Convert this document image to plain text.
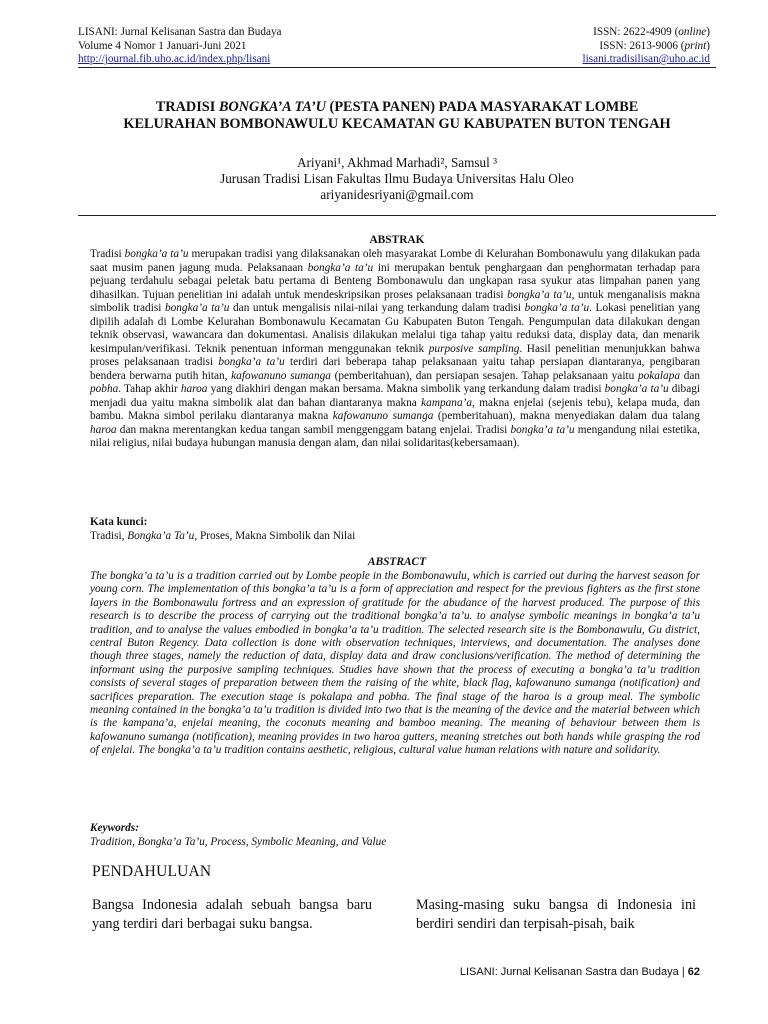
LISANI: Jurnal Kelisanan Sastra dan Budaya
Volume 4 Nomor 1 Januari-Juni 2021
http://journal.fib.uho.ac.id/index.php/lisani
ISSN: 2622-4909 (online)
ISSN: 2613-9006 (print)
lisani.tradisilisan@uho.ac.id
TRADISI BONGKA’A TA’U (PESTA PANEN) PADA MASYARAKAT LOMBE
KELURAHAN BOMBONAWULU KECAMATAN GU KABUPATEN BUTON TENGAH
Ariyani¹, Akhmad Marhadi², Samsul ³
Jurusan Tradisi Lisan Fakultas Ilmu Budaya Universitas Halu Oleo
ariyanidesriyani@gmail.com
ABSTRAK
Tradisi bongka’a ta’u merupakan tradisi yang dilaksanakan oleh masyarakat Lombe di Kelurahan Bombonawulu yang dilakukan pada saat musim panen jagung muda. Pelaksanaan bongka’a ta’u ini merupakan bentuk penghargaan dan penghormatan terhadap para pejuang terdahulu sebagai peletak batu pertama di Benteng Bombonawulu dan ungkapan rasa syukur atas limpahan panen yang dihasilkan. Tujuan penelitian ini adalah untuk mendeskripsikan proses pelaksanaan tradisi bongka’a ta’u, untuk menganalisis makna simbolik tradisi bongka’a ta’u dan untuk mengalisis nilai-nilai yang terkandung dalam tradisi bongka’a ta’u. Lokasi penelitian yang dipilih adalah di Lombe Kelurahan Bombonawulu Kecamatan Gu Kabupaten Buton Tengah. Pengumpulan data dilakukan dengan teknik observasi, wawancara dan dokumentasi. Analisis dilakukan melalui tiga tahap yaitu reduksi data, display data, dan menarik kesimpulan/verifikasi. Teknik penentuan informan menggunakan teknik purposive sampling. Hasil penelitian menunjukkan bahwa proses pelaksanaan tradisi bongka’a ta’u terdiri dari beberapa tahap pelaksanaan yaitu tahap persiapan diantaranya, pengibaran bendera berwarna putih hitan, kafowanuno sumanga (pemberitahuan), dan persiapan sesajen. Tahap pelaksanaan yaitu pokalapa dan pobha. Tahap akhir haroa yang diakhiri dengan makan bersama. Makna simbolik yang terkandung dalam tradisi bongka’a ta’u dibagi menjadi dua yaitu makna simbolik alat dan bahan diantaranya makna kampana’a, makna enjelai (sejenis tebu), kelapa muda, dan bambu. Makna simbol perilaku diantaranya makna kafowanuno sumanga (pemberitahuan), makna menyediakan dalam dua talang haroa dan makna merentangkan kedua tangan sambil menggenggam batang enjelai. Tradisi bongka’a ta’u mengandung nilai estetika, nilai religius, nilai budaya hubungan manusia dengan alam, dan nilai solidaritas(kebersamaan).
Kata kunci:
Tradisi, Bongka’a Ta’u, Proses, Makna Simbolik dan Nilai
ABSTRACT
The bongka’a ta’u is a tradition carried out by Lombe people in the Bombonawulu, which is carried out during the harvest season for young corn. The implementation of this bongka’a ta’u is a form of appreciation and respect for the previous fighters as the first stone layers in the Bombonawulu fortress and an expression of gratitude for the abudance of the harvest produced. The purpose of this research is to describe the process of carrying out the traditional bongka’a ta’u. to analyse symbolic meanings in bongka’a ta’u tradition, and to analyse the values embodied in bongka’a ta’u tradition. The selected research site is the Bombonawulu, Gu district, central Buton Regency. Data collection is done with observation techniques, interviews, and documentation. The analyses done though three stages, namely the reduction of data, display data and draw conclusions/verification. The method of determining the informant using the purposive sampling techniques. Studies have shown that the process of executing a bongka’a ta’u tradition consists of several stages of preparation between them the raising of the white, black flag, kafowanuno sumanga (notification) and sacrifices preparation. The execution stage is pokalapa and pobha. The final stage of the haroa is a group meal. The symbolic meaning contained in the bongka’a ta’u tradition is divided into two that is the meaning of the device and the material between which is the kampana’a, enjelai meaning, the coconuts meaning and bamboo meaning. The meaning of behaviour between them is kafowanuno sumanga (notification), meaning provides in two haroa gutters, meaning stretches out both hands while grasping the rod of enjelai. The bongka’a ta’u tradition contains aesthetic, religious, cultural value human relations with nature and solidarity.
Keywords:
Tradition, Bongka’a Ta’u, Process, Symbolic Meaning, and Value
PENDAHULUAN
Bangsa Indonesia adalah sebuah bangsa baru yang terdiri dari berbagai suku bangsa.
Masing-masing suku bangsa di Indonesia ini berdiri sendiri dan terpisah-pisah, baik
LISANI: Jurnal Kelisanan Sastra dan Budaya | 62
